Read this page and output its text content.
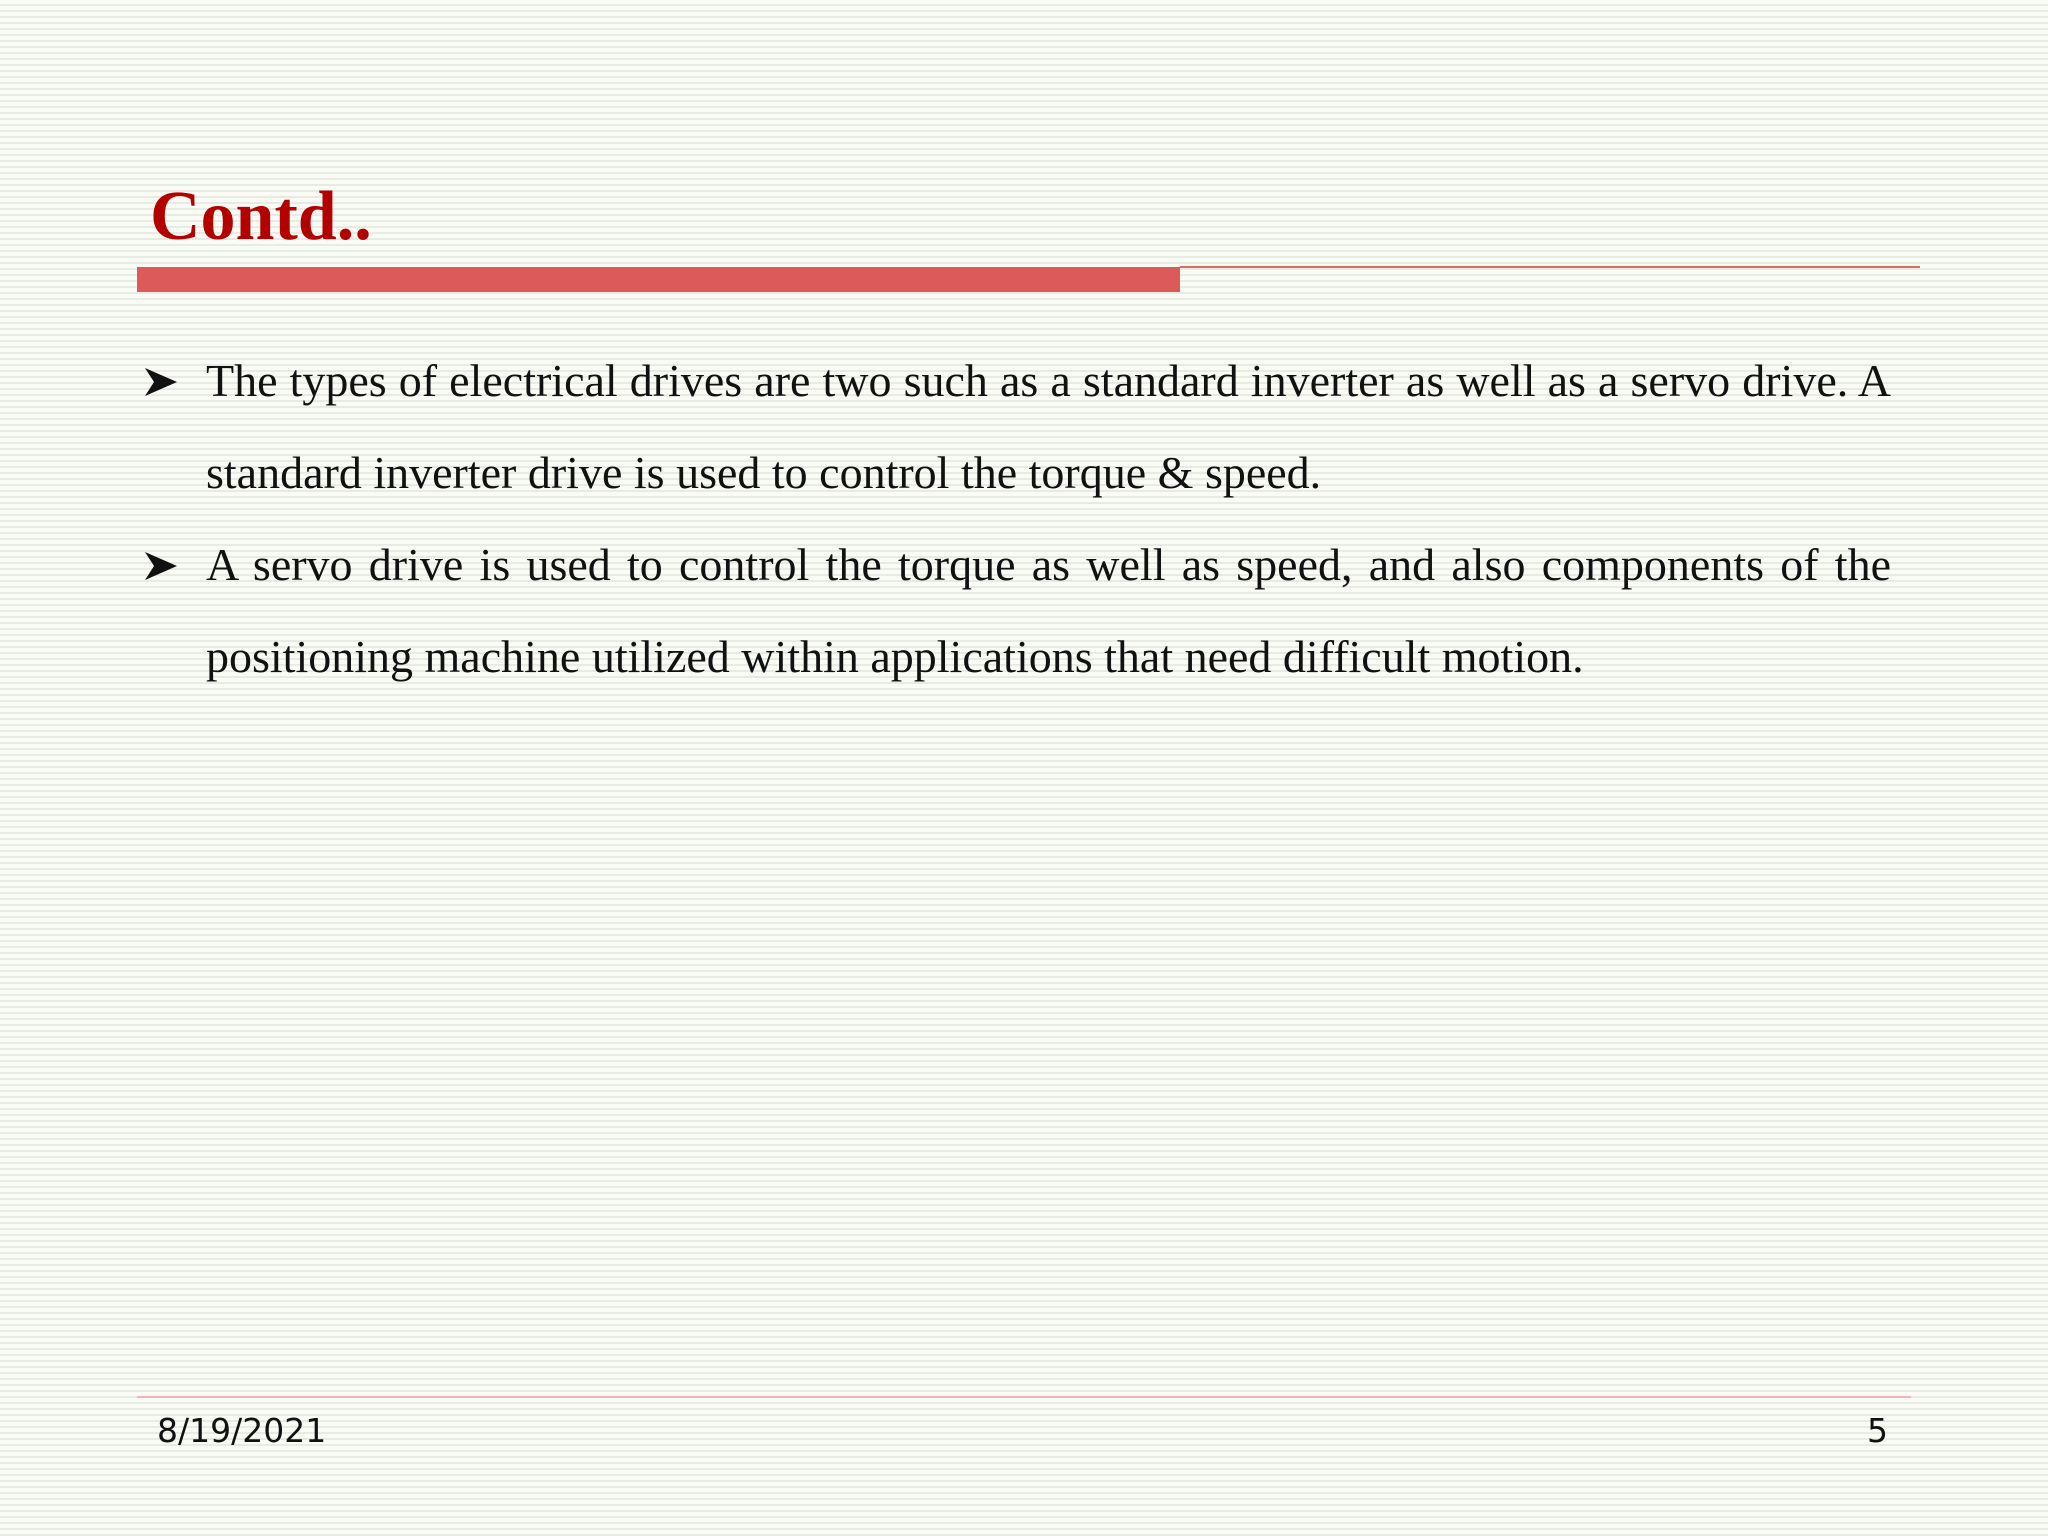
Contd..
The types of electrical drives are two such as a standard inverter as well as a servo drive. A standard inverter drive is used to control the torque & speed.
A servo drive is used to control the torque as well as speed, and also components of the positioning machine utilized within applications that need difficult motion.
8/19/2021	5
